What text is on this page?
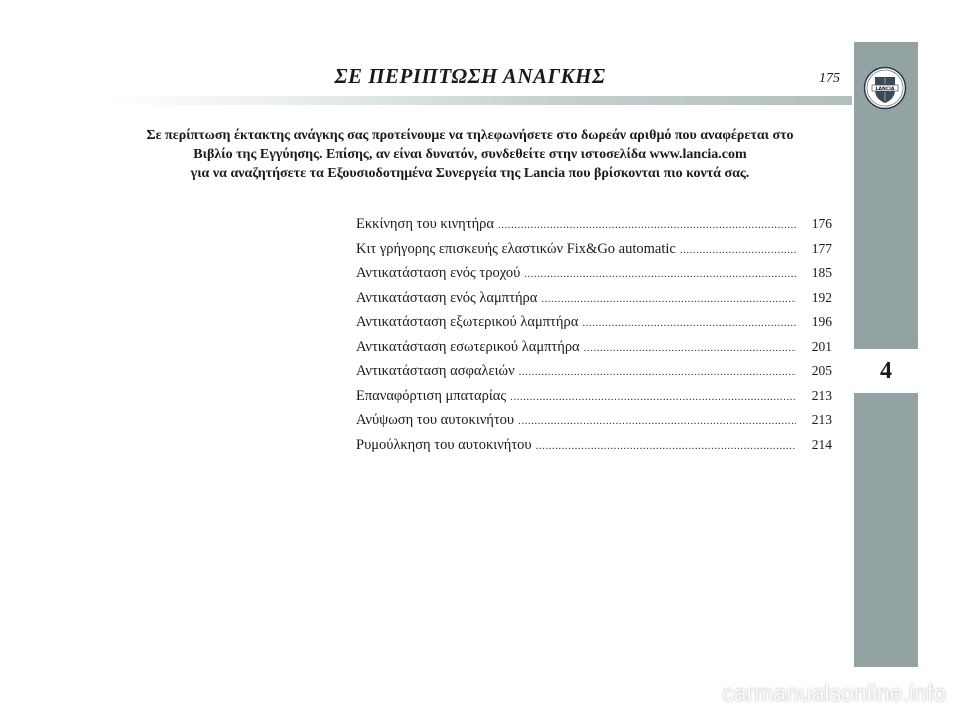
ΣΕ ΠΕΡΙΠΤΩΣΗ ΑΝΑΓΚΗΣ	175
LANCIA
4
Σε περίπτωση έκτακτης ανάγκης σας προτείνουμε να τηλεφωνήσετε στο δωρεάν αριθμό που αναφέρεται στο
Βιβλίο της Εγγύησης. Επίσης, αν είναι δυνατόν, συνδεθείτε στην ιστοσελίδα www.lancia.com
για να αναζητήσετε τα Εξουσιοδοτημένα Συνεργεία της Lancia που βρίσκονται πιο κοντά σας.
Εκκίνηση του κινητήρα .....	176
Κιτ γρήγορης επισκευής ελαστικών Fix&Go automatic .....	177
Αντικατάσταση ενός τροχού .....	185
Αντικατάσταση ενός λαμπτήρα .....	192
Αντικατάσταση εξωτερικού λαμπτήρα .....	196
Αντικατάσταση εσωτερικού λαμπτήρα .....	201
Αντικατάσταση ασφαλειών .....	205
Επαναφόρτιση μπαταρίας .....	213
Ανύψωση του αυτοκινήτου .....	213
Ρυμούλκηση του αυτοκινήτου .....	214
carmanualsonline.info
